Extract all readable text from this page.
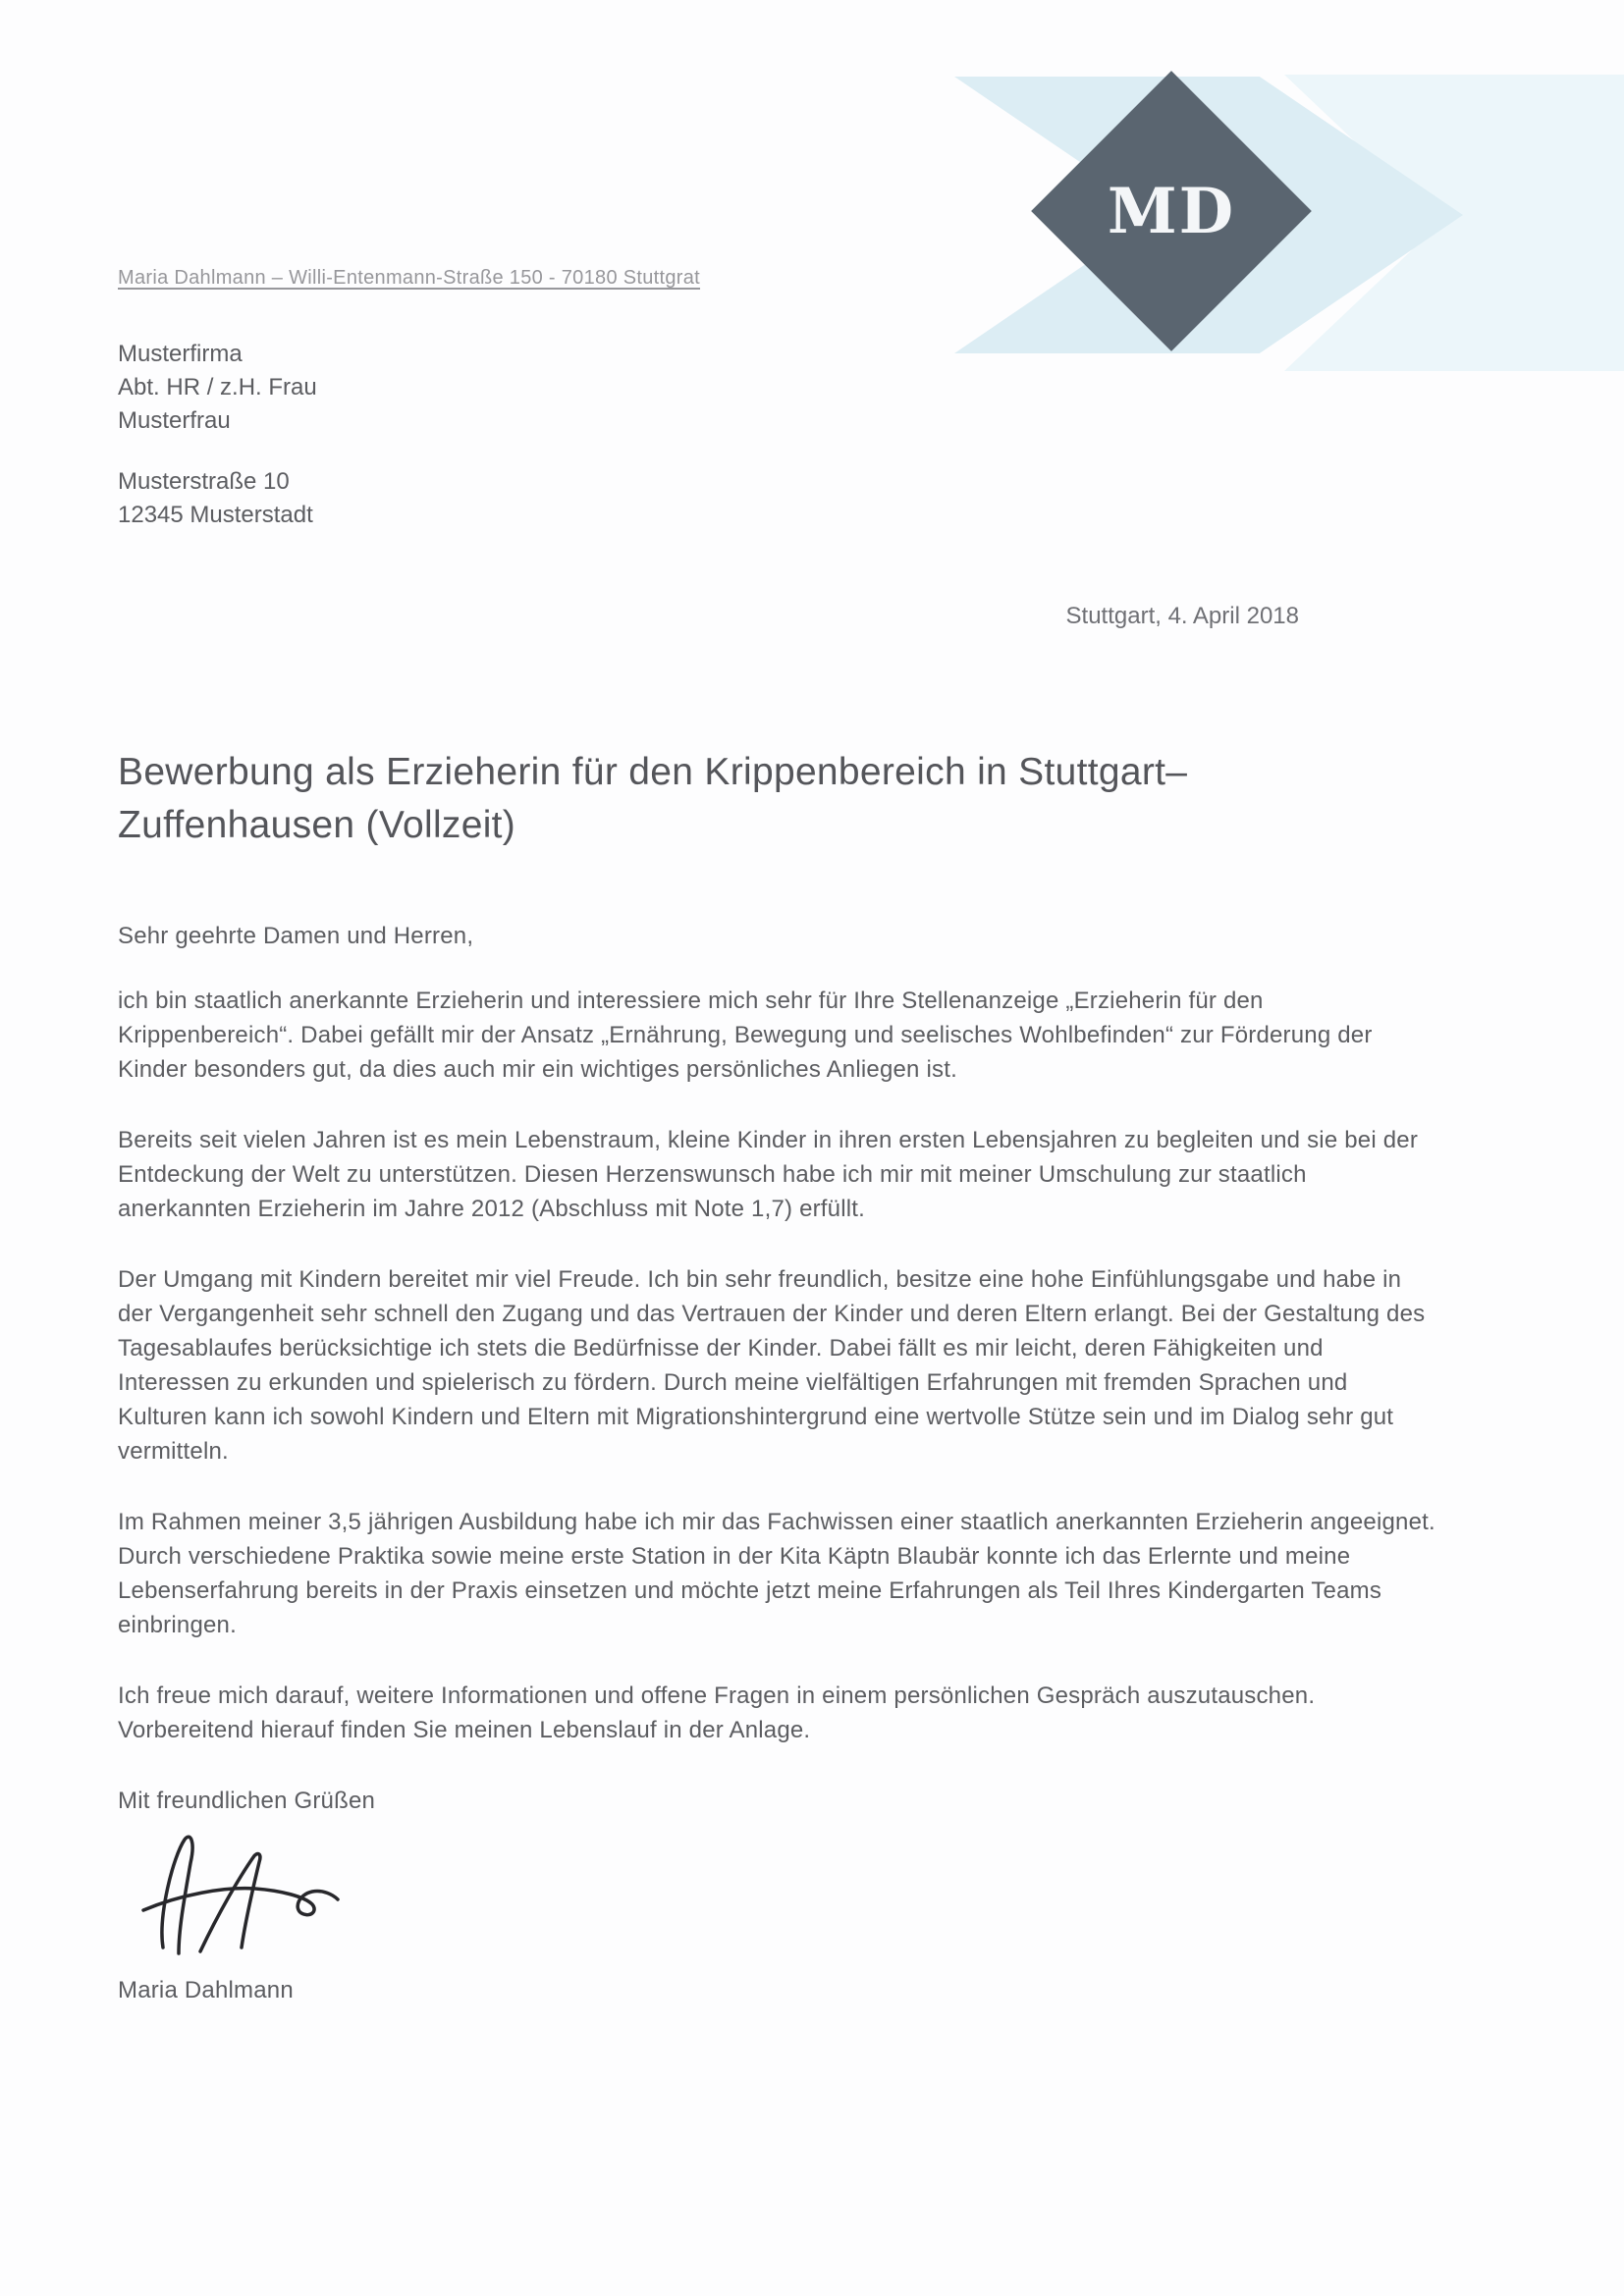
MD
Maria Dahlmann – Willi-Entenmann-Straße 150 - 70180 Stuttgrat
Musterfirma
Abt. HR / z.H. Frau
Musterfrau
Musterstraße 10
12345 Musterstadt
Stuttgart, 4. April 2018
Bewerbung als Erzieherin für den Krippenbereich in Stuttgart–Zuffenhausen (Vollzeit)
Sehr geehrte Damen und Herren,

ich bin staatlich anerkannte Erzieherin und interessiere mich sehr für Ihre Stellenanzeige „Erzieherin für den Krippenbereich“. Dabei gefällt mir der Ansatz „Ernährung, Bewegung und seelisches Wohlbefinden“ zur Förderung der Kinder besonders gut, da dies auch mir ein wichtiges persönliches Anliegen ist.

Bereits seit vielen Jahren ist es mein Lebenstraum, kleine Kinder in ihren ersten Lebensjahren zu begleiten und sie bei der Entdeckung der Welt zu unterstützen. Diesen Herzenswunsch habe ich mir mit meiner Umschulung zur staatlich anerkannten Erzieherin im Jahre 2012 (Abschluss mit Note 1,7) erfüllt.

Der Umgang mit Kindern bereitet mir viel Freude. Ich bin sehr freundlich, besitze eine hohe Einfühlungsgabe und habe in der Vergangenheit sehr schnell den Zugang und das Vertrauen der Kinder und deren Eltern erlangt. Bei der Gestaltung des Tagesablaufes berücksichtige ich stets die Bedürfnisse der Kinder. Dabei fällt es mir leicht, deren Fähigkeiten und Interessen zu erkunden und spielerisch zu fördern. Durch meine vielfältigen Erfahrungen mit fremden Sprachen und Kulturen kann ich sowohl Kindern und Eltern mit Migrationshintergrund eine wertvolle Stütze sein und im Dialog sehr gut vermitteln.

Im Rahmen meiner 3,5 jährigen Ausbildung habe ich mir das Fachwissen einer staatlich anerkannten Erzieherin angeeignet. Durch verschiedene Praktika sowie meine erste Station in der Kita Käptn Blaubär konnte ich das Erlernte und meine Lebenserfahrung bereits in der Praxis einsetzen und möchte jetzt meine Erfahrungen als Teil Ihres Kindergarten Teams einbringen.

Ich freue mich darauf, weitere Informationen und offene Fragen in einem persönlichen Gespräch auszutauschen. Vorbereitend hierauf finden Sie meinen Lebenslauf in der Anlage.

Mit freundlichen Grüßen
Maria Dahlmann
